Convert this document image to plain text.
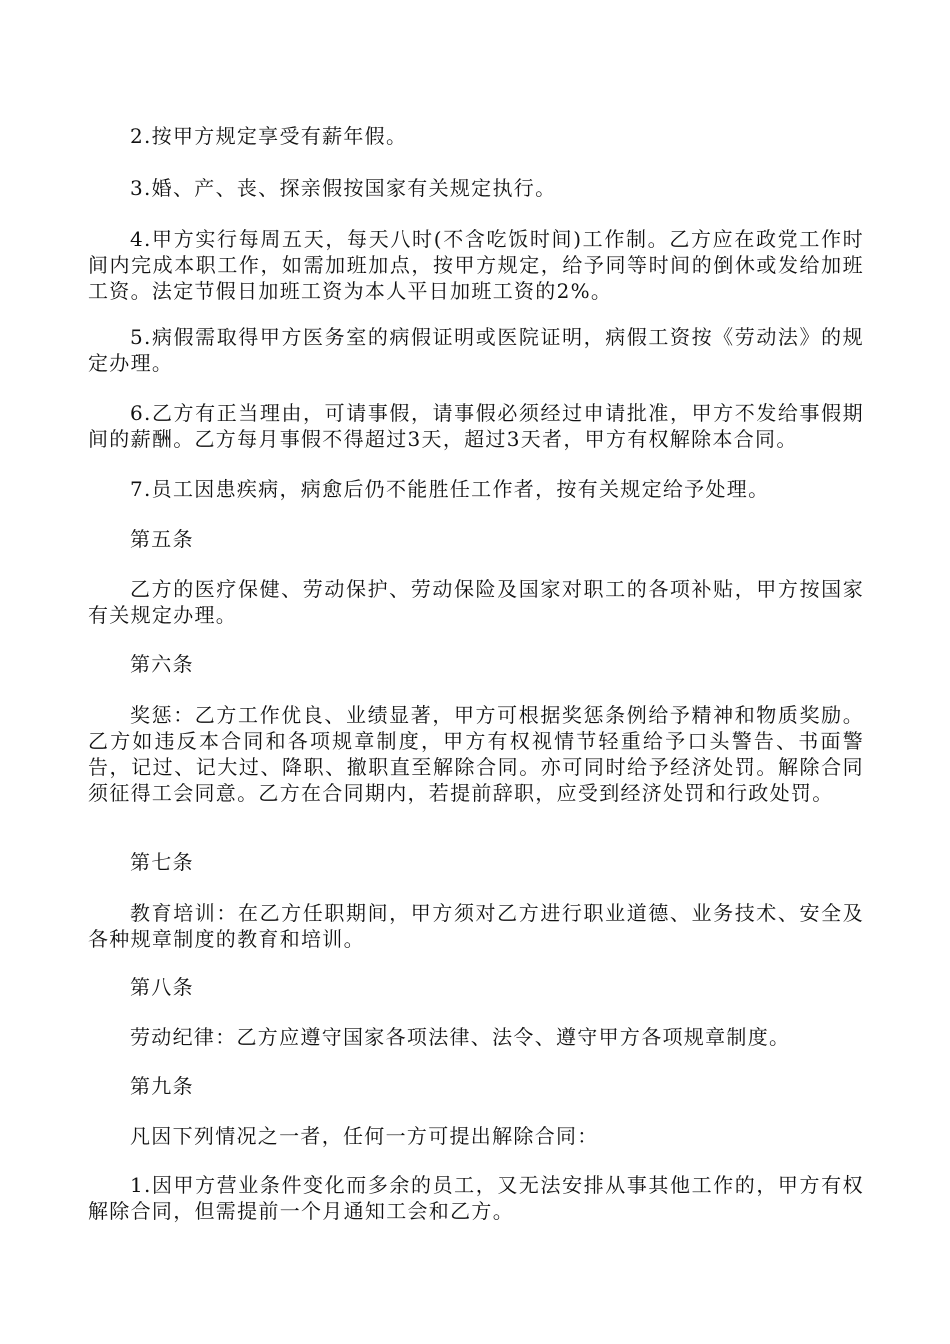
2.按甲方规定享受有薪年假。

3.婚、产、丧、探亲假按国家有关规定执行。

4.甲方实行每周五天，每天八时(不含吃饭时间)工作制。乙方应在政党工作时间内完成本职工作，如需加班加点，按甲方规定，给予同等时间的倒休或发给加班工资。法定节假日加班工资为本人平日加班工资的2%。

5.病假需取得甲方医务室的病假证明或医院证明，病假工资按《劳动法》的规定办理。

6.乙方有正当理由，可请事假，请事假必须经过申请批准，甲方不发给事假期间的薪酬。乙方每月事假不得超过3天，超过3天者，甲方有权解除本合同。

7.员工因患疾病，病愈后仍不能胜任工作者，按有关规定给予处理。

第五条

乙方的医疗保健、劳动保护、劳动保险及国家对职工的各项补贴，甲方按国家有关规定办理。

第六条

奖惩：乙方工作优良、业绩显著，甲方可根据奖惩条例给予精神和物质奖励。乙方如违反本合同和各项规章制度，甲方有权视情节轻重给予口头警告、书面警告，记过、记大过、降职、撤职直至解除合同。亦可同时给予经济处罚。解除合同须征得工会同意。乙方在合同期内，若提前辞职，应受到经济处罚和行政处罚。

第七条

教育培训：在乙方任职期间，甲方须对乙方进行职业道德、业务技术、安全及各种规章制度的教育和培训。

第八条

劳动纪律：乙方应遵守国家各项法律、法令、遵守甲方各项规章制度。

第九条

凡因下列情况之一者，任何一方可提出解除合同：

1.因甲方营业条件变化而多余的员工，又无法安排从事其他工作的，甲方有权解除合同，但需提前一个月通知工会和乙方。
